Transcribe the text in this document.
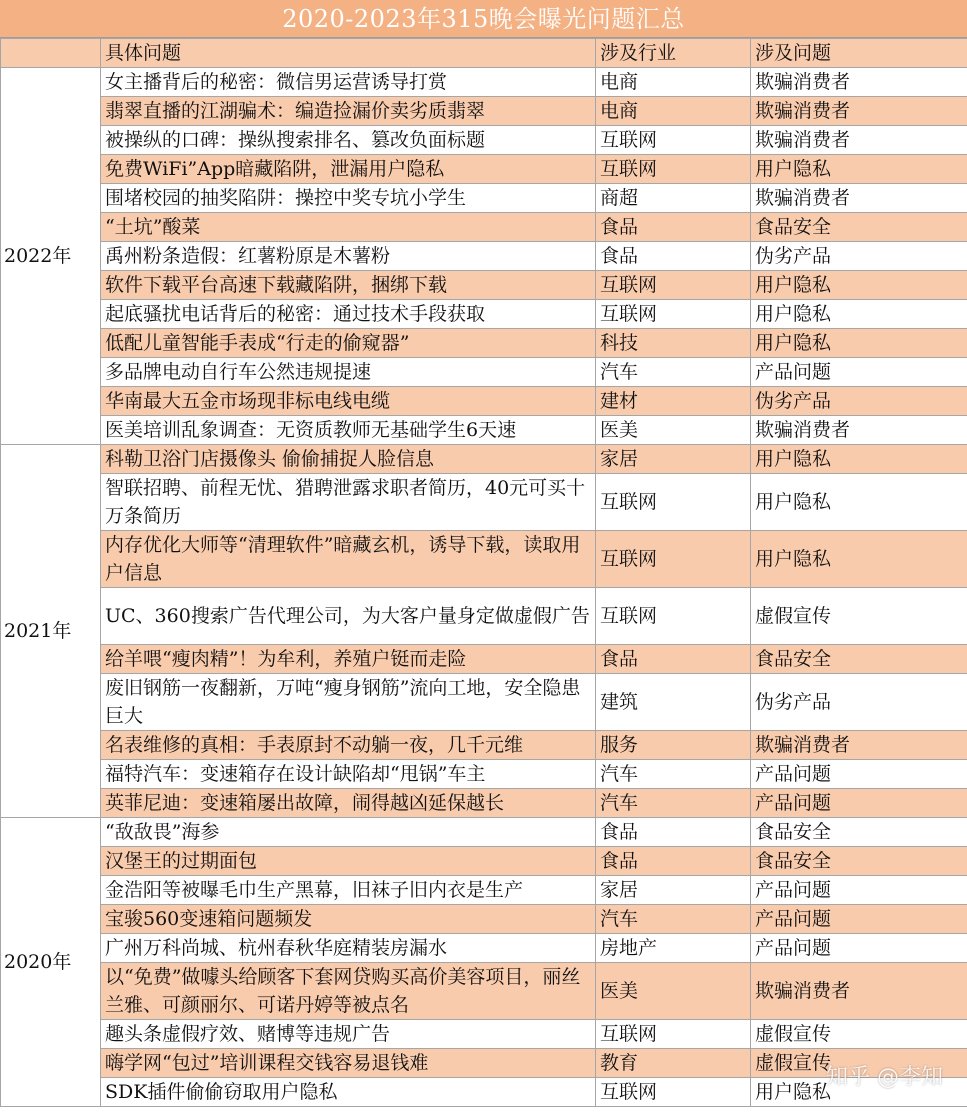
2020-2023年315晚会曝光问题汇总
	具体问题	涉及行业	涉及问题
2022年	女主播背后的秘密：微信男运营诱导打赏	电商	欺骗消费者
	翡翠直播的江湖骗术：编造捡漏价卖劣质翡翠	电商	欺骗消费者
	被操纵的口碑：操纵搜索排名、篡改负面标题	互联网	欺骗消费者
	免费WiFi”App暗藏陷阱，泄漏用户隐私	互联网	用户隐私
	围堵校园的抽奖陷阱：操控中奖专坑小学生	商超	欺骗消费者
	“土坑”酸菜	食品	食品安全
	禹州粉条造假：红薯粉原是木薯粉	食品	伪劣产品
	软件下载平台高速下载藏陷阱，捆绑下载	互联网	用户隐私
	起底骚扰电话背后的秘密：通过技术手段获取	互联网	用户隐私
	低配儿童智能手表成“行走的偷窥器”	科技	用户隐私
	多品牌电动自行车公然违规提速	汽车	产品问题
	华南最大五金市场现非标电线电缆	建材	伪劣产品
	医美培训乱象调查：无资质教师无基础学生6天速	医美	欺骗消费者
2021年	科勒卫浴门店摄像头 偷偷捕捉人脸信息	家居	用户隐私
	智联招聘、前程无忧、猎聘泄露求职者简历，40元可买十万条简历	互联网	用户隐私
	内存优化大师等“清理软件”暗藏玄机，诱导下载，读取用户信息	互联网	用户隐私
	UC、360搜索广告代理公司，为大客户量身定做虚假广告	互联网	虚假宣传
	给羊喂“瘦肉精”！为牟利，养殖户铤而走险	食品	食品安全
	废旧钢筋一夜翻新，万吨“瘦身钢筋”流向工地，安全隐患巨大	建筑	伪劣产品
	名表维修的真相：手表原封不动躺一夜，几千元维	服务	欺骗消费者
	福特汽车：变速箱存在设计缺陷却“甩锅”车主	汽车	产品问题
	英菲尼迪：变速箱屡出故障，闹得越凶延保越长	汽车	产品问题
2020年	“敌敌畏”海参	食品	食品安全
	汉堡王的过期面包	食品	食品安全
	金浩阳等被曝毛巾生产黑幕，旧袜子旧内衣是生产	家居	产品问题
	宝骏560变速箱问题频发	汽车	产品问题
	广州万科尚城、杭州春秋华庭精装房漏水	房地产	产品问题
	以“免费”做噱头给顾客下套网贷购买高价美容项目，丽丝兰雅、可颜丽尔、可诺丹婷等被点名	医美	欺骗消费者
	趣头条虚假疗效、赌博等违规广告	互联网	虚假宣传
	嗨学网“包过”培训课程交钱容易退钱难	教育	虚假宣传
	SDK插件偷偷窃取用户隐私	互联网	用户隐私
知乎 @李知
